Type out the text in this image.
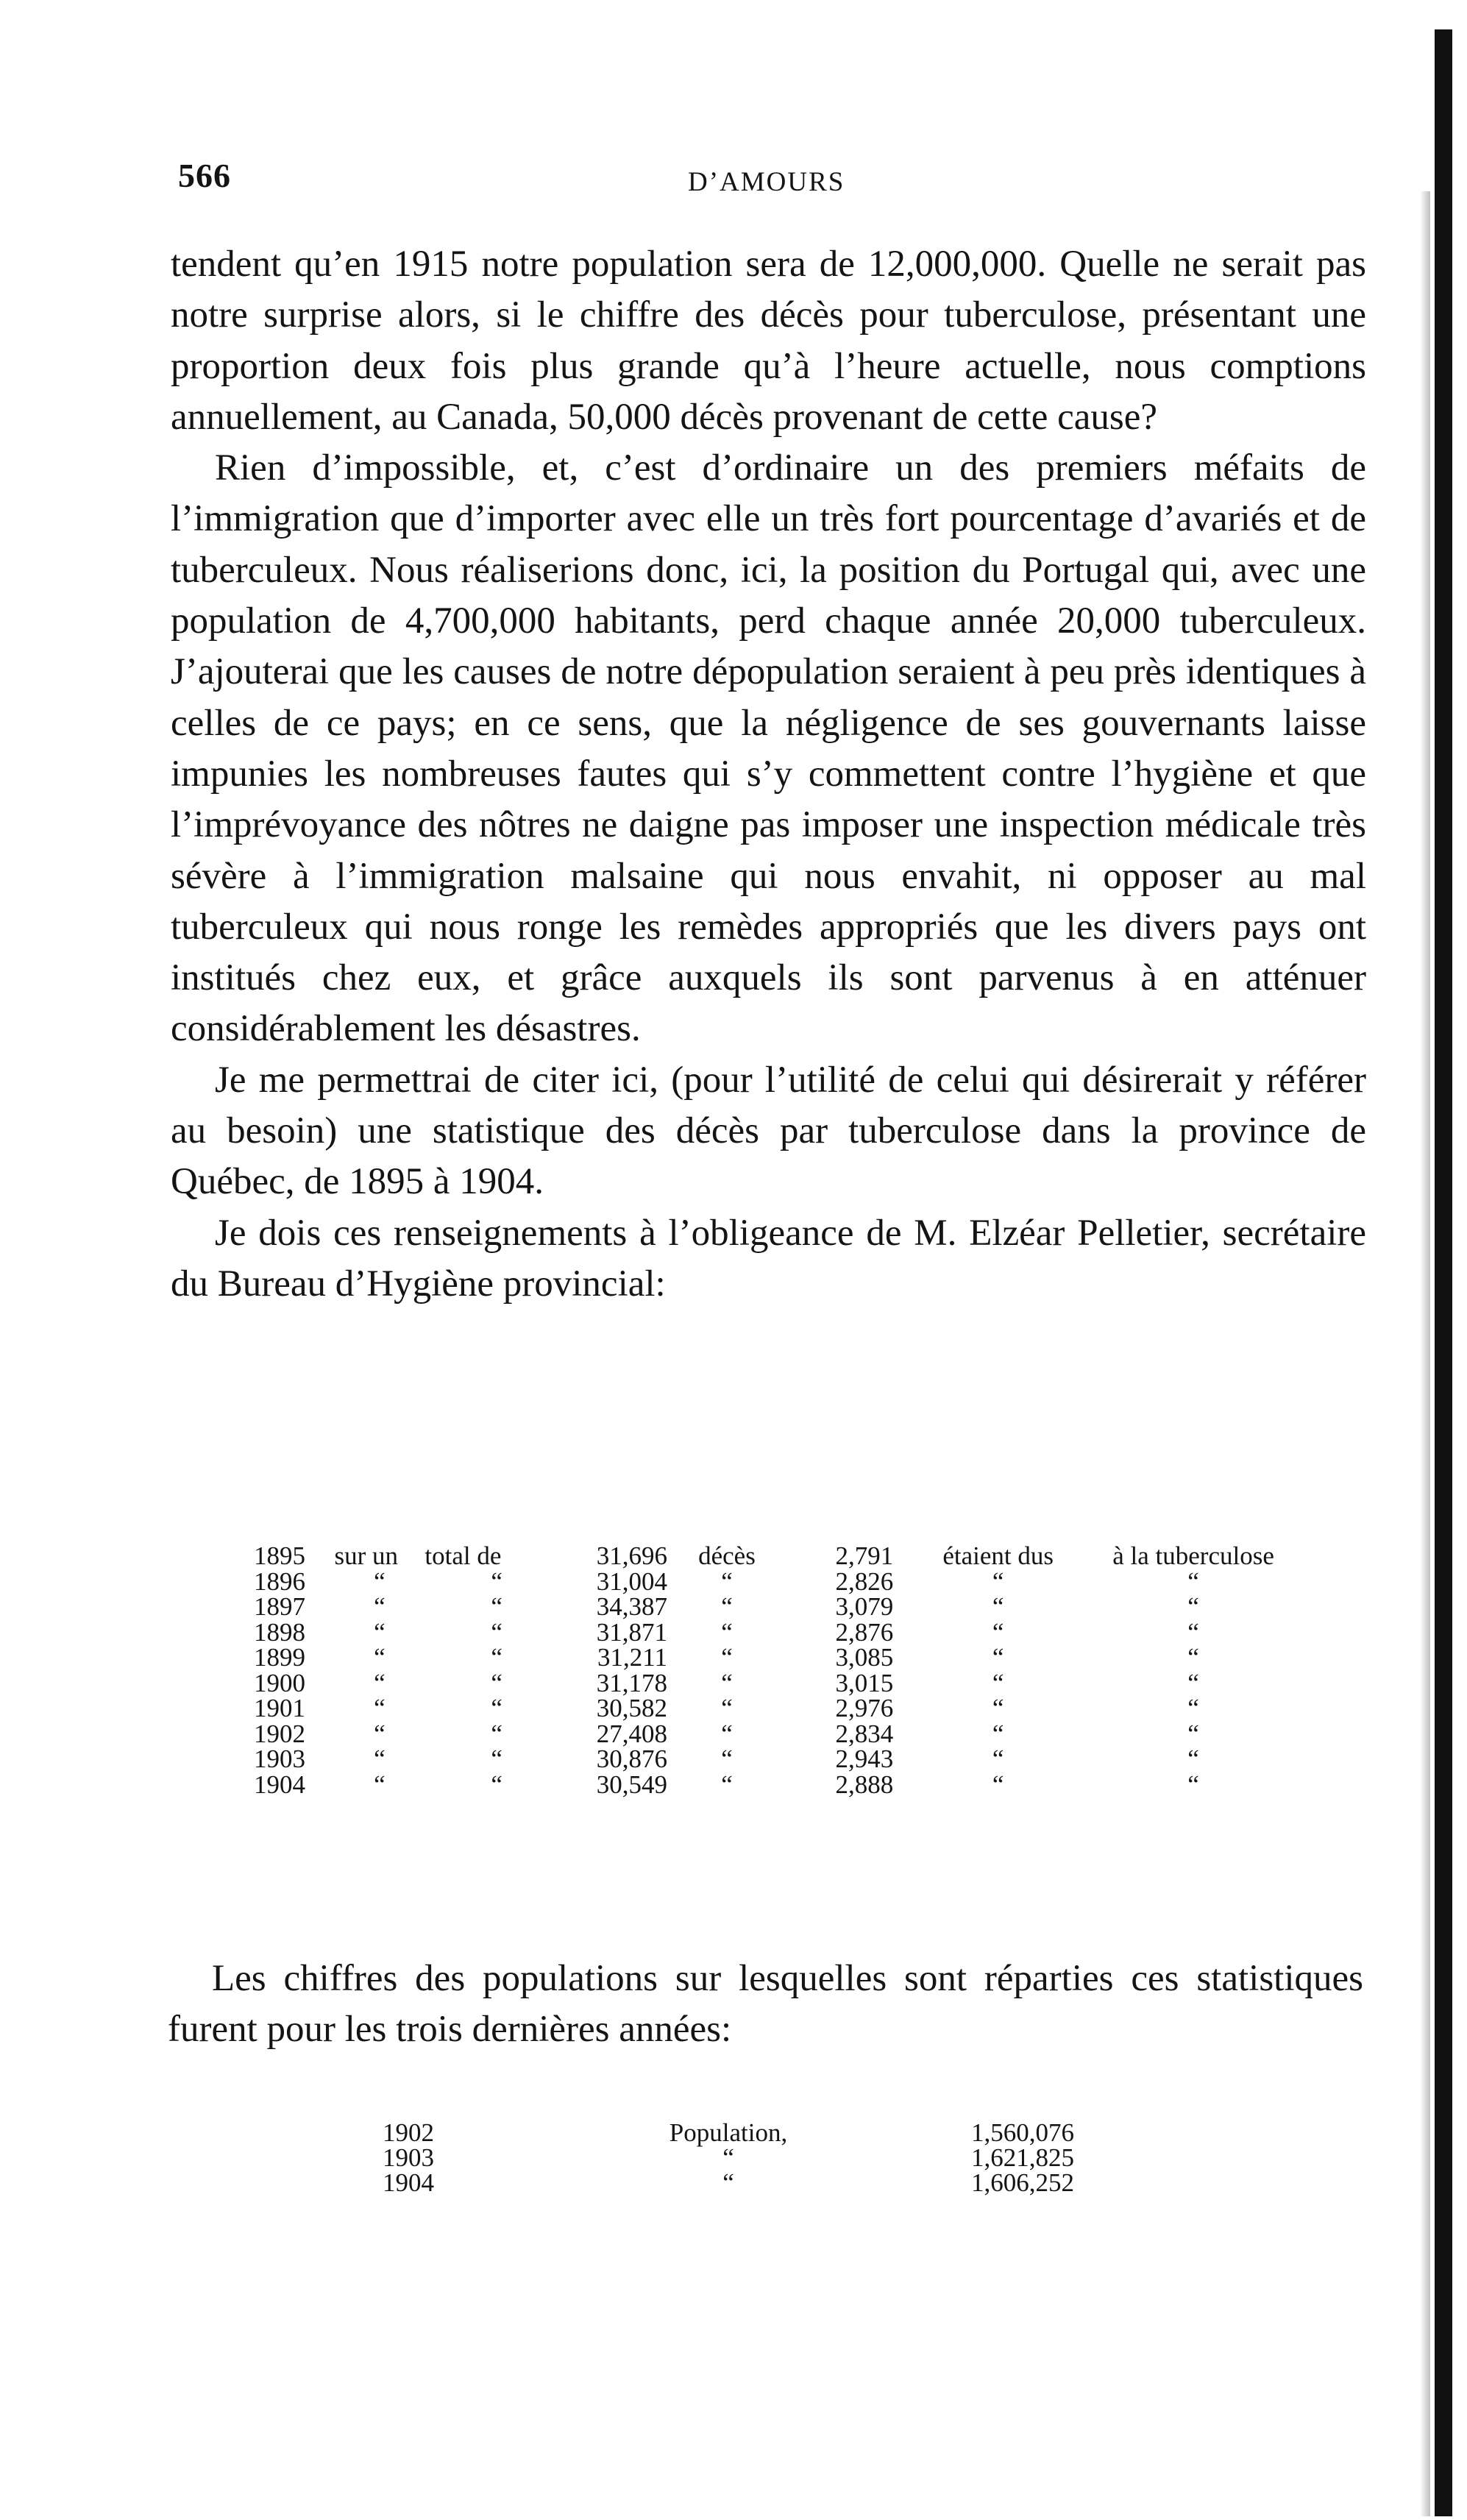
566	D’AMOURS

tendent qu’en 1915 notre population sera de 12,000,000. Quelle ne serait pas notre surprise alors, si le chiffre des décès pour tuberculose, présentant une proportion deux fois plus grande qu’à l’heure actuelle, nous comptions annuellement, au Canada, 50,000 décès provenant de cette cause?

Rien d’impossible, et, c’est d’ordinaire un des premiers méfaits de l’immigration que d’importer avec elle un très fort pourcentage d’avariés et de tuberculeux. Nous réaliserions donc, ici, la position du Portugal qui, avec une population de 4,700,000 habitants, perd chaque année 20,000 tuberculeux. J’ajouterai que les causes de notre dépopulation seraient à peu près identiques à celles de ce pays; en ce sens, que la négligence de ses gouvernants laisse impunies les nombreuses fautes qui s’y commettent contre l’hygiène et que l’imprévoyance des nôtres ne daigne pas imposer une inspection médicale très sévère à l’immigration malsaine qui nous envahit, ni opposer au mal tuberculeux qui nous ronge les remèdes appropriés que les divers pays ont institués chez eux, et grâce auxquels ils sont parvenus à en atténuer considérablement les désastres.

Je me permettrai de citer ici, (pour l’utilité de celui qui désirerait y référer au besoin) une statistique des décès par tuberculose dans la province de Québec, de 1895 à 1904.

Je dois ces renseignements à l’obligeance de M. Elzéar Pelletier, secrétaire du Bureau d’Hygiène provincial:

1895	sur un	total de	31,696	décès	2,791	étaient dus	à la tuberculose
1896	“	“	31,004	“	2,826	“	“
1897	“	“	34,387	“	3,079	“	“
1898	“	“	31,871	“	2,876	“	“
1899	“	“	31,211	“	3,085	“	“
1900	“	“	31,178	“	3,015	“	“
1901	“	“	30,582	“	2,976	“	“
1902	“	“	27,408	“	2,834	“	“
1903	“	“	30,876	“	2,943	“	“
1904	“	“	30,549	“	2,888	“	“

Les chiffres des populations sur lesquelles sont réparties ces statistiques furent pour les trois dernières années:

1902	Population,	1,560,076
1903	“	1,621,825
1904	“	1,606,252
